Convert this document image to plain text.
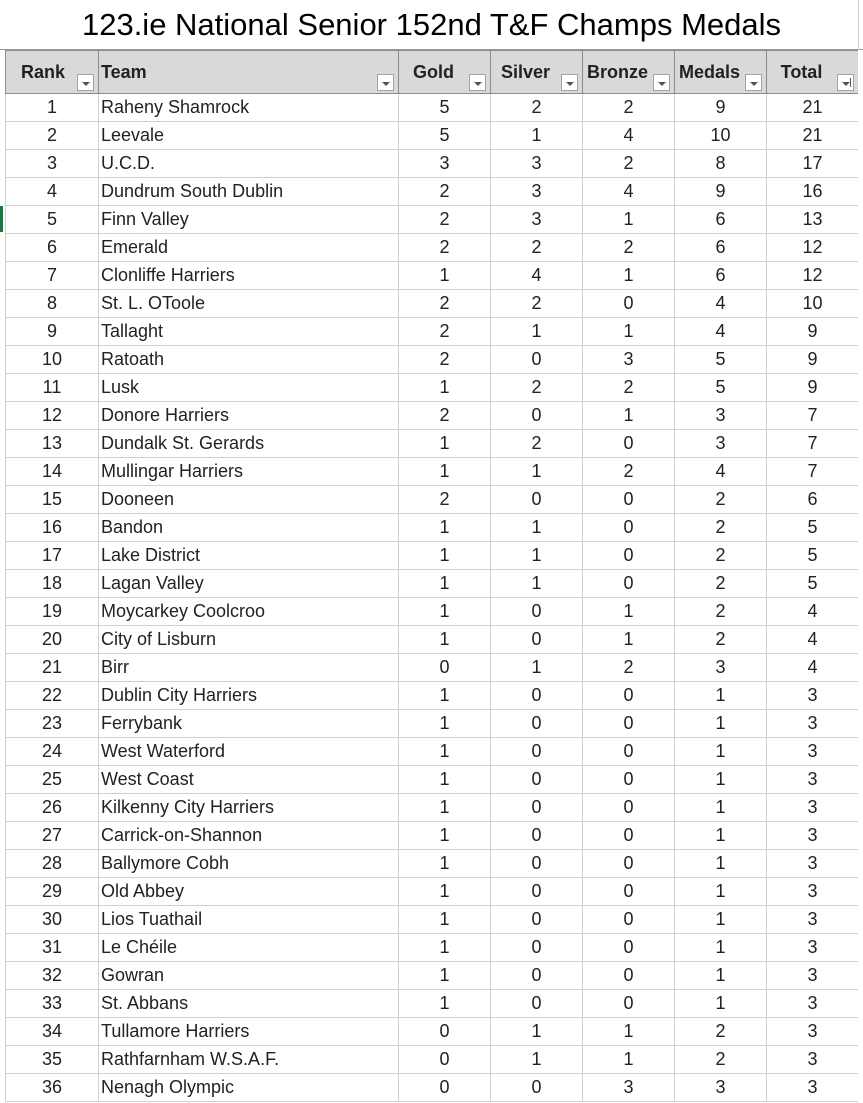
123.ie National Senior 152nd T&F Champs Medals
Rank	Team	Gold	Silver	Bronze	Medals	Total

1	Raheny Shamrock	5	2	2	9	21
2	Leevale	5	1	4	10	21
3	U.C.D.	3	3	2	8	17
4	Dundrum South Dublin	2	3	4	9	16
5	Finn Valley	2	3	1	6	13
6	Emerald	2	2	2	6	12
7	Clonliffe Harriers	1	4	1	6	12
8	St. L. OToole	2	2	0	4	10
9	Tallaght	2	1	1	4	9
10	Ratoath	2	0	3	5	9
11	Lusk	1	2	2	5	9
12	Donore Harriers	2	0	1	3	7
13	Dundalk St. Gerards	1	2	0	3	7
14	Mullingar Harriers	1	1	2	4	7
15	Dooneen	2	0	0	2	6
16	Bandon	1	1	0	2	5
17	Lake District	1	1	0	2	5
18	Lagan Valley	1	1	0	2	5
19	Moycarkey Coolcroo	1	0	1	2	4
20	City of Lisburn	1	0	1	2	4
21	Birr	0	1	2	3	4
22	Dublin City Harriers	1	0	0	1	3
23	Ferrybank	1	0	0	1	3
24	West Waterford	1	0	0	1	3
25	West Coast	1	0	0	1	3
26	Kilkenny City Harriers	1	0	0	1	3
27	Carrick-on-Shannon	1	0	0	1	3
28	Ballymore Cobh	1	0	0	1	3
29	Old Abbey	1	0	0	1	3
30	Lios Tuathail	1	0	0	1	3
31	Le Chéile	1	0	0	1	3
32	Gowran	1	0	0	1	3
33	St. Abbans	1	0	0	1	3
34	Tullamore Harriers	0	1	1	2	3
35	Rathfarnham W.S.A.F.	0	1	1	2	3
36	Nenagh Olympic	0	0	3	3	3
